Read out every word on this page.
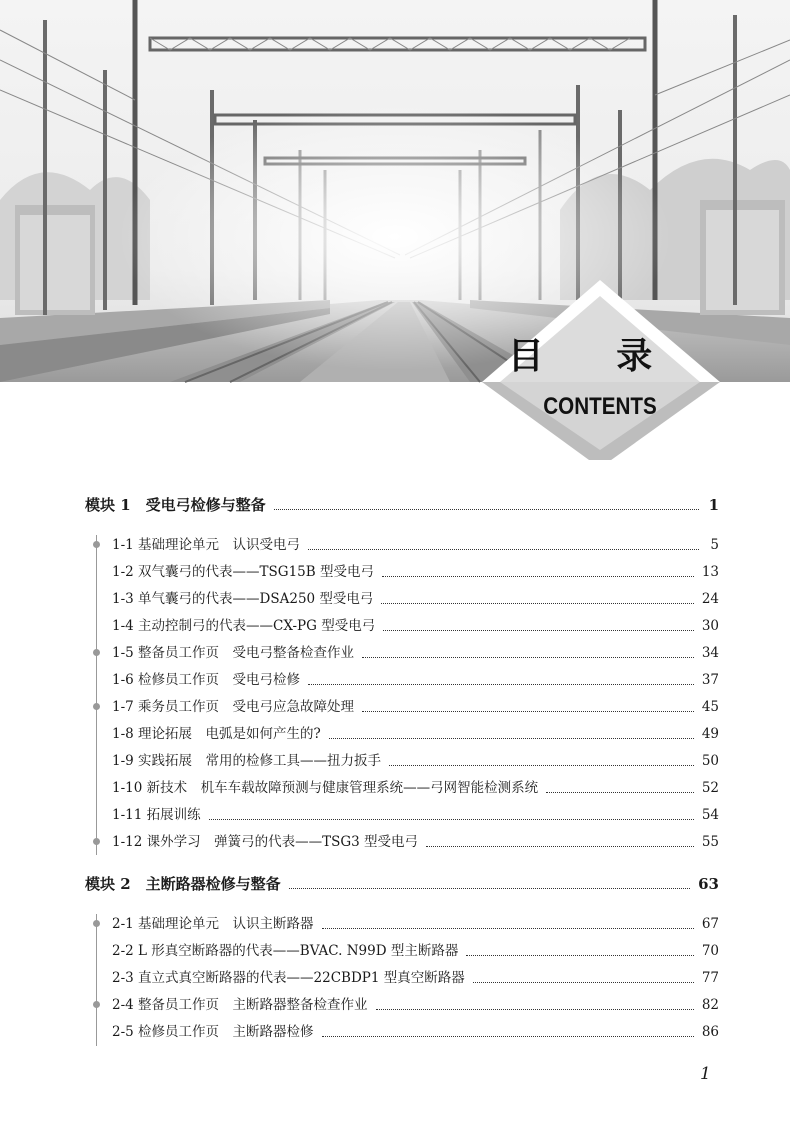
目 录
CONTENTS
模块 1　受电弓检修与整备	1
1-1 基础理论单元　认识受电弓	5
1-2 双气囊弓的代表——TSG15B 型受电弓	13
1-3 单气囊弓的代表——DSA250 型受电弓	24
1-4 主动控制弓的代表——CX-PG 型受电弓	30
1-5 整备员工作页　受电弓整备检查作业	34
1-6 检修员工作页　受电弓检修	37
1-7 乘务员工作页　受电弓应急故障处理	45
1-8 理论拓展　电弧是如何产生的?	49
1-9 实践拓展　常用的检修工具——扭力扳手	50
1-10 新技术　机车车载故障预测与健康管理系统——弓网智能检测系统	52
1-11 拓展训练	54
1-12 课外学习　弹簧弓的代表——TSG3 型受电弓	55
模块 2　主断路器检修与整备	63
2-1 基础理论单元　认识主断路器	67
2-2 L 形真空断路器的代表——BVAC. N99D 型主断路器	70
2-3 直立式真空断路器的代表——22CBDP1 型真空断路器	77
2-4 整备员工作页　主断路器整备检查作业	82
2-5 检修员工作页　主断路器检修	86
1
